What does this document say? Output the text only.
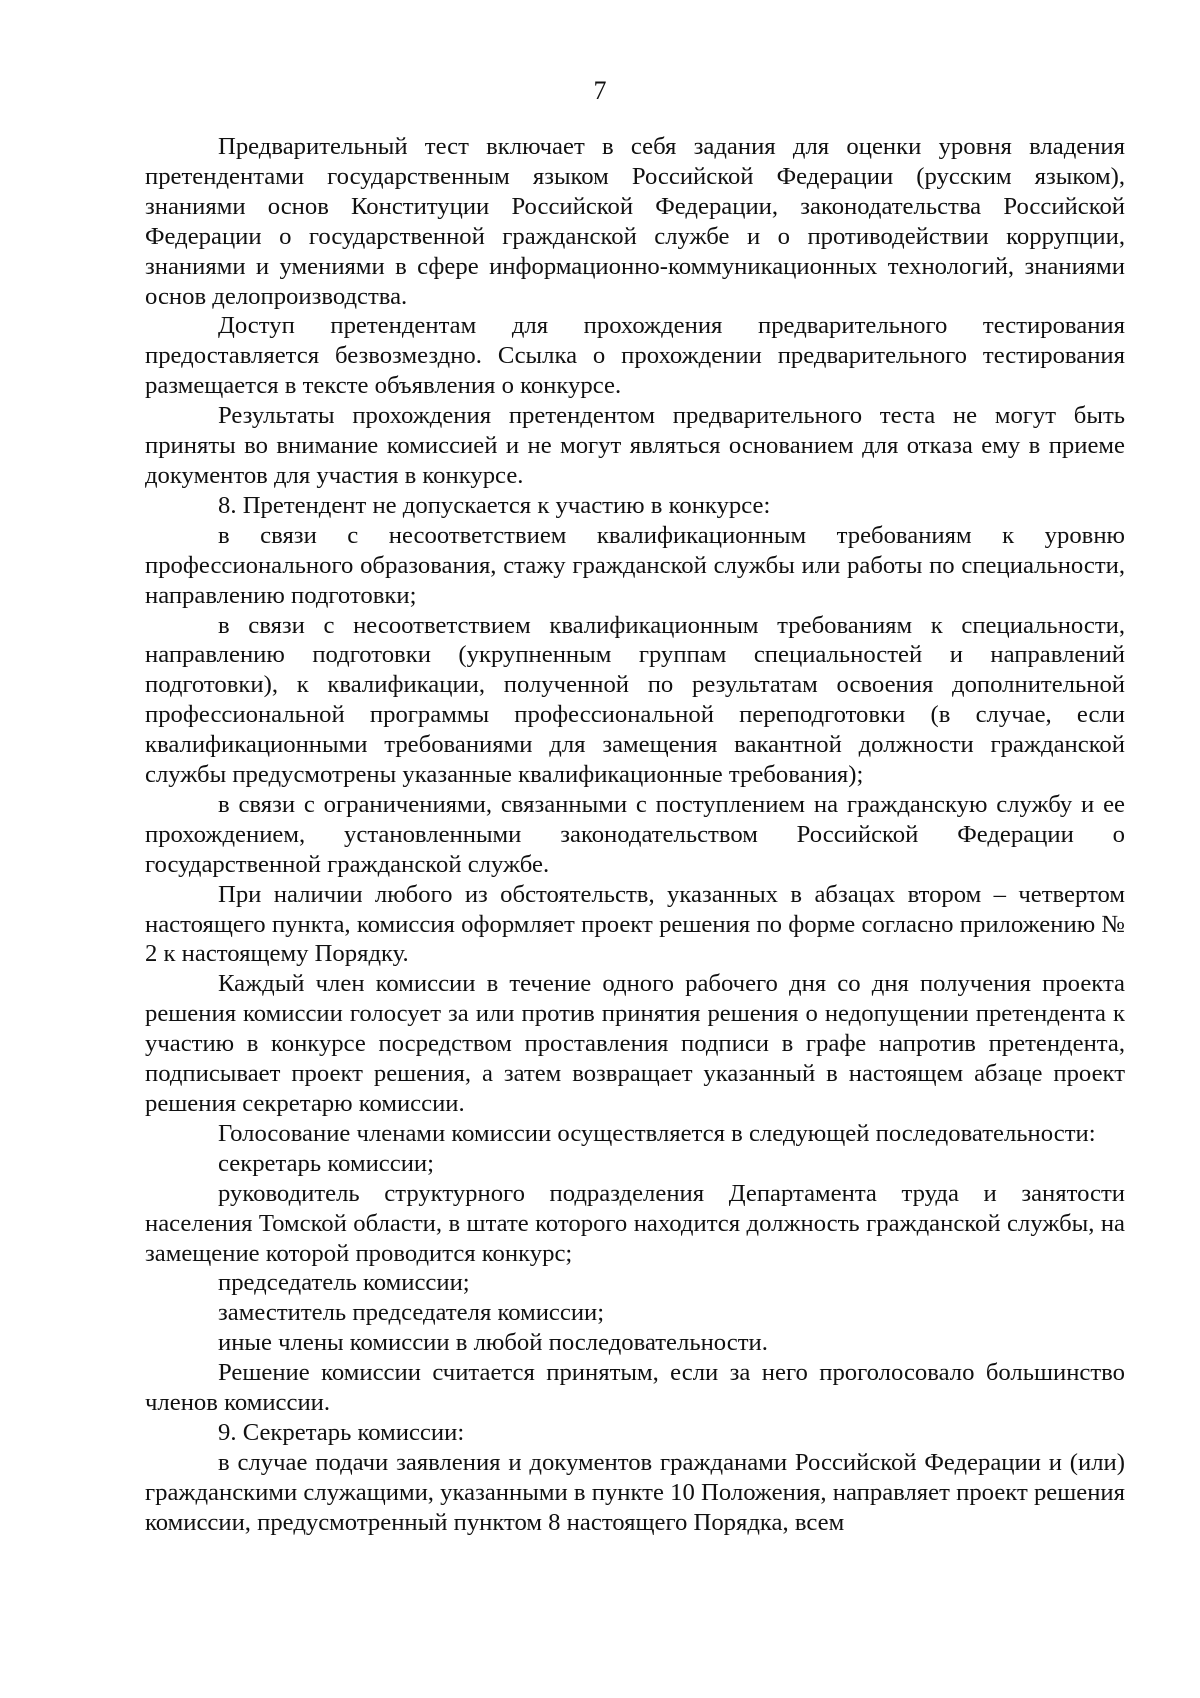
7

Предварительный тест включает в себя задания для оценки уровня владения претендентами государственным языком Российской Федерации (русским языком), знаниями основ Конституции Российской Федерации, законодательства Российской Федерации о государственной гражданской службе и о противодействии коррупции, знаниями и умениями в сфере информационно-коммуникационных технологий, знаниями основ делопроизводства.

Доступ претендентам для прохождения предварительного тестирования предоставляется безвозмездно. Ссылка о прохождении предварительного тестирования размещается в тексте объявления о конкурсе.

Результаты прохождения претендентом предварительного теста не могут быть приняты во внимание комиссией и не могут являться основанием для отказа ему в приеме документов для участия в конкурсе.

8. Претендент не допускается к участию в конкурсе:

в связи с несоответствием квалификационным требованиям к уровню профессионального образования, стажу гражданской службы или работы по специальности, направлению подготовки;

в связи с несоответствием квалификационным требованиям к специальности, направлению подготовки (укрупненным группам специальностей и направлений подготовки), к квалификации, полученной по результатам освоения дополнительной профессиональной программы профессиональной переподготовки (в случае, если квалификационными требованиями для замещения вакантной должности гражданской службы предусмотрены указанные квалификационные требования);

в связи с ограничениями, связанными с поступлением на гражданскую службу и ее прохождением, установленными законодательством Российской Федерации о государственной гражданской службе.

При наличии любого из обстоятельств, указанных в абзацах втором – четвертом настоящего пункта, комиссия оформляет проект решения по форме согласно приложению № 2 к настоящему Порядку.

Каждый член комиссии в течение одного рабочего дня со дня получения проекта решения комиссии голосует за или против принятия решения о недопущении претендента к участию в конкурсе посредством проставления подписи в графе напротив претендента, подписывает проект решения, а затем возвращает указанный в настоящем абзаце проект решения секретарю комиссии.

Голосование членами комиссии осуществляется в следующей последовательности:

секретарь комиссии;

руководитель структурного подразделения Департамента труда и занятости населения Томской области, в штате которого находится должность гражданской службы, на замещение которой проводится конкурс;

председатель комиссии;

заместитель председателя комиссии;

иные члены комиссии в любой последовательности.

Решение комиссии считается принятым, если за него проголосовало большинство членов комиссии.

9. Секретарь комиссии:

в случае подачи заявления и документов гражданами Российской Федерации и (или) гражданскими служащими, указанными в пункте 10 Положения, направляет проект решения комиссии, предусмотренный пунктом 8 настоящего Порядка, всем
